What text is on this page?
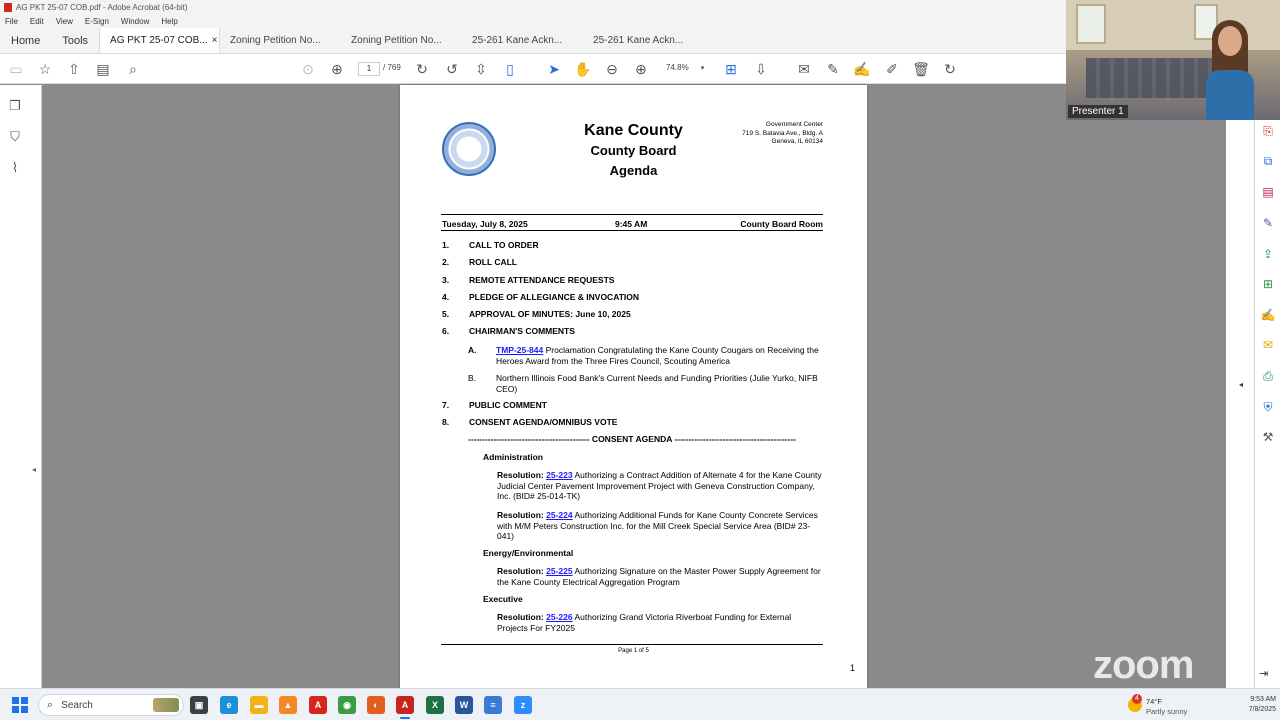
AG PKT 25-07 COB.pdf - Adobe Acrobat (64-bit)
File Edit View E-Sign Window Help
Home	Tools	AG PKT 25-07 COB... ×	Zoning Petition No...	Zoning Petition No...	25-261 Kane Ackn...	25-261 Kane Ackn...
▭ ☆ ⇧ ▤	⌕	⊙ ⊕	1	/ 769 ↻ ↺ ⇳	▯	➤ ✋ ⊖ ⊕	74.8% ▾ ⊞ ⇩ ✉ ✎ ✍ ✐ 🗑 ↻
❐
⛉
⌇
◂
Kane County
County Board
Agenda
Government Center
719 S. Batavia Ave., Bldg. A
Geneva, IL 60134
Tuesday, July 8, 2025	9:45 AM	County Board Room
1. CALL TO ORDER
2. ROLL CALL
3. REMOTE ATTENDANCE REQUESTS
4. PLEDGE OF ALLEGIANCE & INVOCATION
5. APPROVAL OF MINUTES: June 10, 2025
6. CHAIRMAN'S COMMENTS
A. TMP-25-844 Proclamation Congratulating the Kane County Cougars on Receiving the Heroes Award from the Three Fires Council, Scouting America
B. Northern Illinois Food Bank's Current Needs and Funding Priorities (Julie Yurko, NIFB CEO)
7. PUBLIC COMMENT
8. CONSENT AGENDA/OMNIBUS VOTE
------------------------------------------- CONSENT AGENDA -------------------------------------------
Administration
Resolution: 25-223 Authorizing a Contract Addition of Alternate 4 for the Kane County Judicial Center Pavement Improvement Project with Geneva Construction Company, Inc. (BID# 25-014-TK)
Resolution: 25-224 Authorizing Additional Funds for Kane County Concrete Services with M/M Peters Construction Inc. for the Mill Creek Special Service Area (BID# 23-041)
Energy/Environmental
Resolution: 25-225 Authorizing Signature on the Master Power Supply Agreement for the Kane County Electrical Aggregation Program
Executive
Resolution: 25-226 Authorizing Grand Victoria Riverboat Funding for External Projects For FY2025
Page 1 of 5
1
◂
⎘
⧉
▤
✎
⇪
⊞
✍
✉
⎙
⛨
⚒
Presenter 1
zoom	⇥
⌕ Search	▣	e	▬	▲	A	◉	◐	A	X	W	≡	z
4 74°F
Partly sunny
9:53 AM
7/8/2025
